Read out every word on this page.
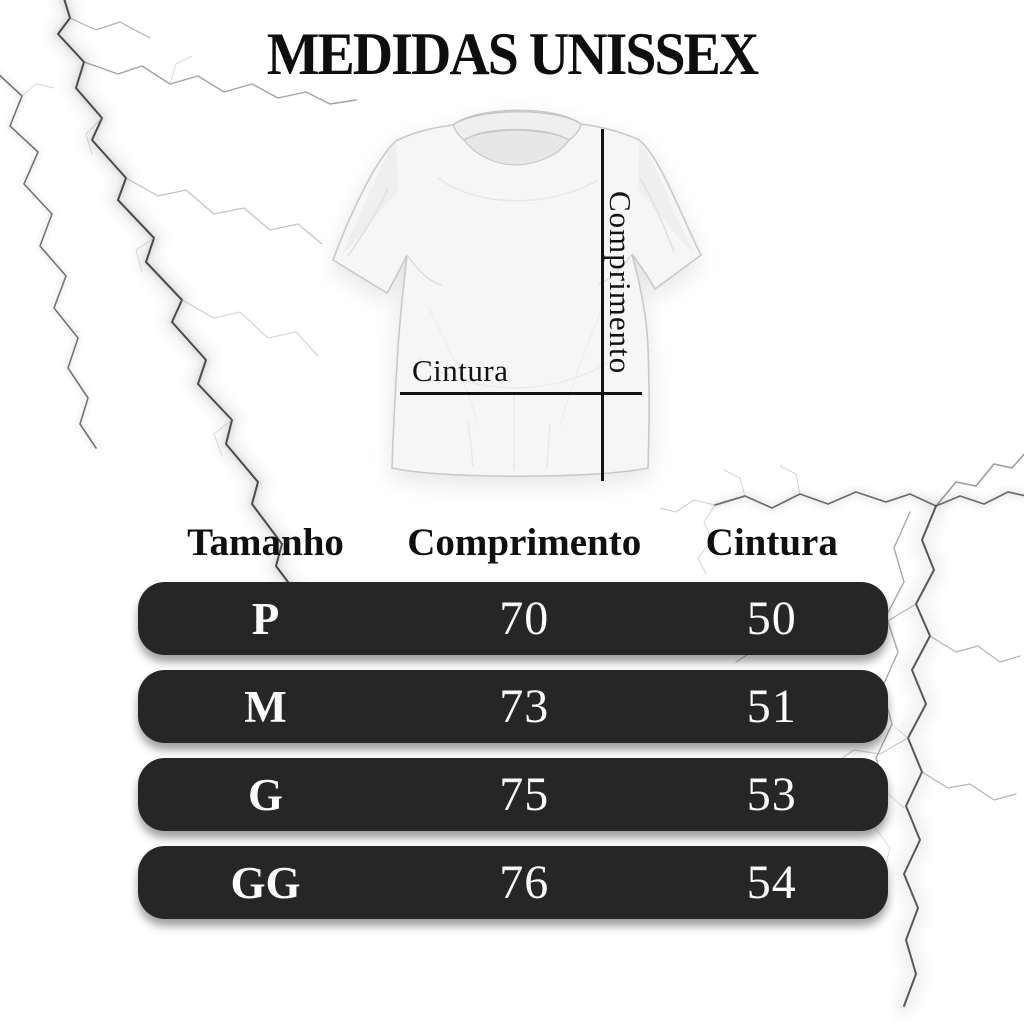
MEDIDAS UNISSEX
Cintura	Comprimento
Tamanho	Comprimento	Cintura
P	70	50
M	73	51
G	75	53
GG	76	54
